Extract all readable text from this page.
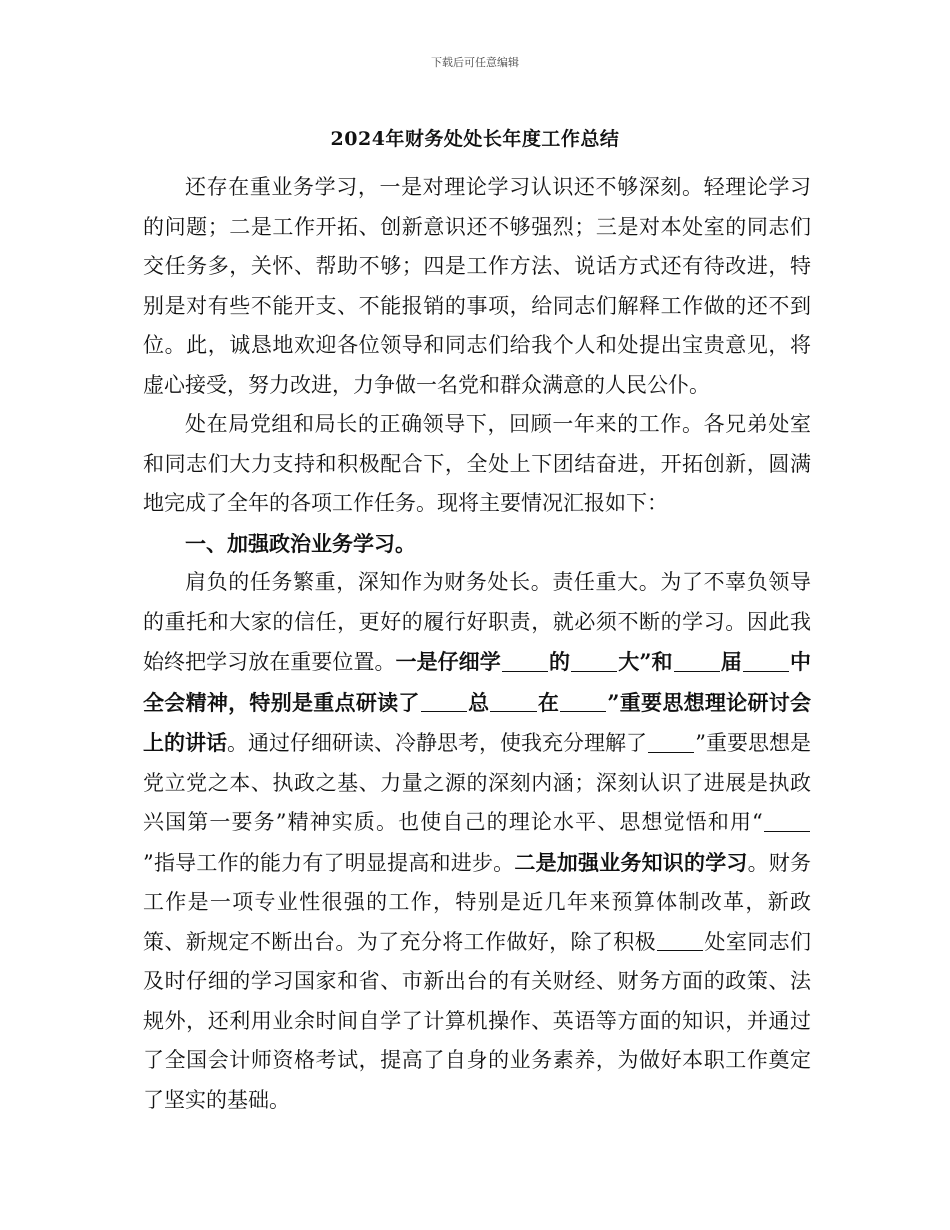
下载后可任意编辑
2024年财务处处长年度工作总结

还存在重业务学习，一是对理论学习认识还不够深刻。轻理论学习的问题；二是工作开拓、创新意识还不够强烈；三是对本处室的同志们交任务多，关怀、帮助不够；四是工作方法、说话方式还有待改进，特别是对有些不能开支、不能报销的事项，给同志们解释工作做的还不到位。此，诚恳地欢迎各位领导和同志们给我个人和处提出宝贵意见，将虚心接受，努力改进，力争做一名党和群众满意的人民公仆。

处在局党组和局长的正确领导下，回顾一年来的工作。各兄弟处室和同志们大力支持和积极配合下，全处上下团结奋进，开拓创新，圆满地完成了全年的各项工作任务。现将主要情况汇报如下：

一、加强政治业务学习。

肩负的任务繁重，深知作为财务处长。责任重大。为了不辜负领导的重托和大家的信任，更好的履行好职责，就必须不断的学习。因此我始终把学习放在重要位置。一是仔细学 的 大”和 届 中全会精神，特别是重点研读了 总 在 ”重要思想理论研讨会上的讲话。通过仔细研读、冷静思考，使我充分理解了 ”重要思想是党立党之本、执政之基、力量之源的深刻内涵；深刻认识了进展是执政兴国第一要务”精神实质。也使自己的理论水平、思想觉悟和用“”指导工作的能力有了明显提高和进步。二是加强业务知识的学习。财务工作是一项专业性很强的工作，特别是近几年来预算体制改革，新政策、新规定不断出台。为了充分将工作做好，除了积极 处室同志们及时仔细的学习国家和省、市新出台的有关财经、财务方面的政策、法规外，还利用业余时间自学了计算机操作、英语等方面的知识，并通过了全国会计师资格考试，提高了自身的业务素养，为做好本职工作奠定了坚实的基础。
